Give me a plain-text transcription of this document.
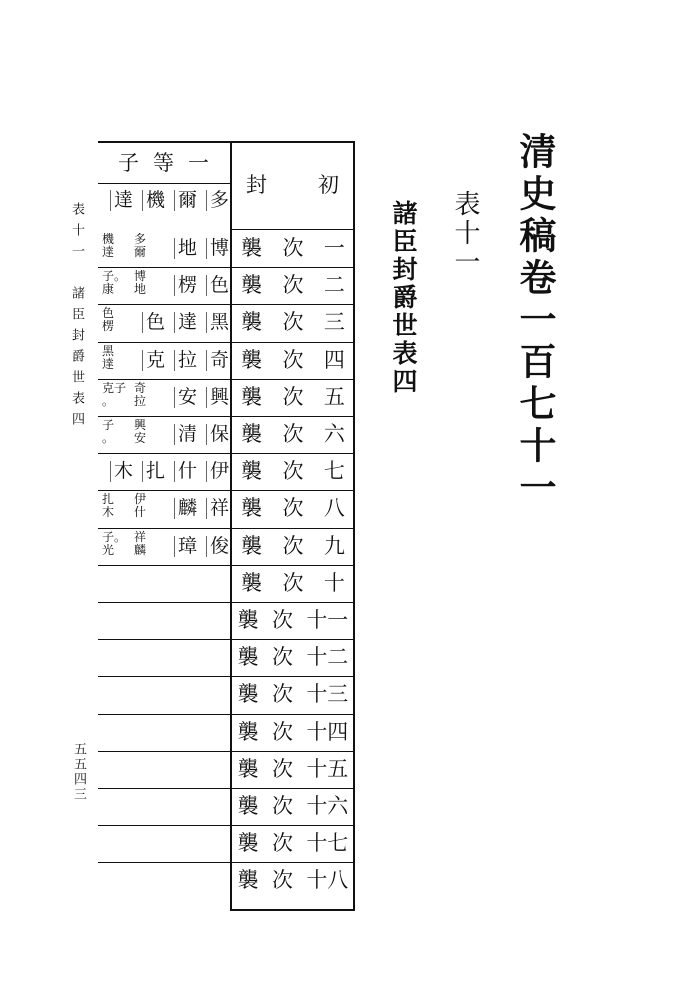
清史稿卷一百七十一
表十一
諸臣封爵世表四
表十一　諸臣封爵世表四
五五四三
初
封
一等子
襲 次 一
襲 次 二
襲 次 三
襲 次 四
襲 次 五
襲 次 六
襲 次 七
襲 次 八
襲 次 九
襲 次 十
襲 次 十一
襲 次 十二
襲 次 十三
襲 次 十四
襲 次 十五
襲 次 十六
襲 次 十七
襲 次 十八
達 機 爾 多
地 博
楞 色
色 達 黑
克 拉 奇
安 興
清 保
木 扎 什 伊
麟 祥
璋 俊
機
達
多
爾
子。
康
博
地
色
楞
黑
達
克子
。
奇
拉
子
。
興
安
扎
木
伊
什
子。
光
祥
麟
